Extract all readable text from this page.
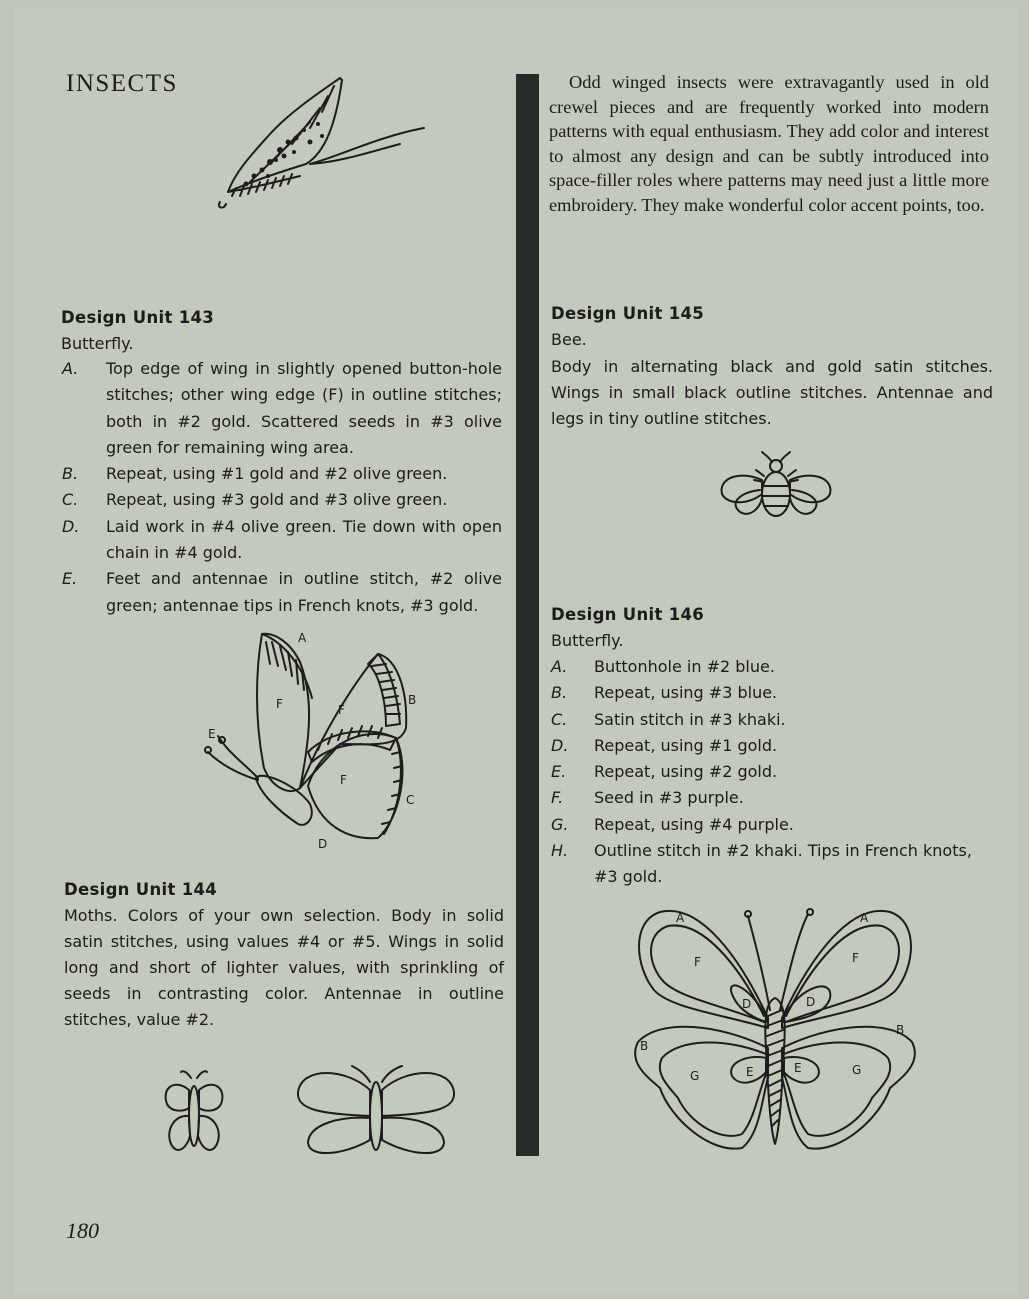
INSECTS	Odd winged insects were extravagantly used in old crewel pieces and are frequently worked into modern patterns with equal enthusiasm. They add color and interest to almost any design and can be subtly introduced into space-filler roles where patterns may need just a little more embroidery. They make wonderful color accent points, too.

Design Unit 143

Butterfly.

A. Top edge of wing in slightly opened button-hole stitches; other wing edge (F) in outline stitches; both in #2 gold. Scattered seeds in #3 olive green for remaining wing area.
B. Repeat, using #1 gold and #2 olive green.
C. Repeat, using #3 gold and #3 olive green.
D. Laid work in #4 olive green. Tie down with open chain in #4 gold.
E. Feet and antennae in outline stitch, #2 olive green; antennae tips in French knots, #3 gold.
A
B
C
D
E
F	F
F
Design Unit 144

Moths. Colors of your own selection. Body in solid satin stitches, using values #4 or #5. Wings in solid long and short of lighter values, with sprinkling of seeds in contrasting color. Antennae in outline stitches, value #2.

Design Unit 145

Bee.

Body in alternating black and gold satin stitches. Wings in small black outline stitches. Antennae and legs in tiny outline stitches.

Design Unit 146

Butterfly.

A. Buttonhole in #2 blue.
B. Repeat, using #3 blue.
C. Satin stitch in #3 khaki.
D. Repeat, using #1 gold.
E. Repeat, using #2 gold.
F. Seed in #3 purple.
G. Repeat, using #4 purple.
H. Outline stitch in #2 khaki. Tips in French knots, #3 gold.
A	A
F	F
D	D
B
B
G	G
E	E
180
